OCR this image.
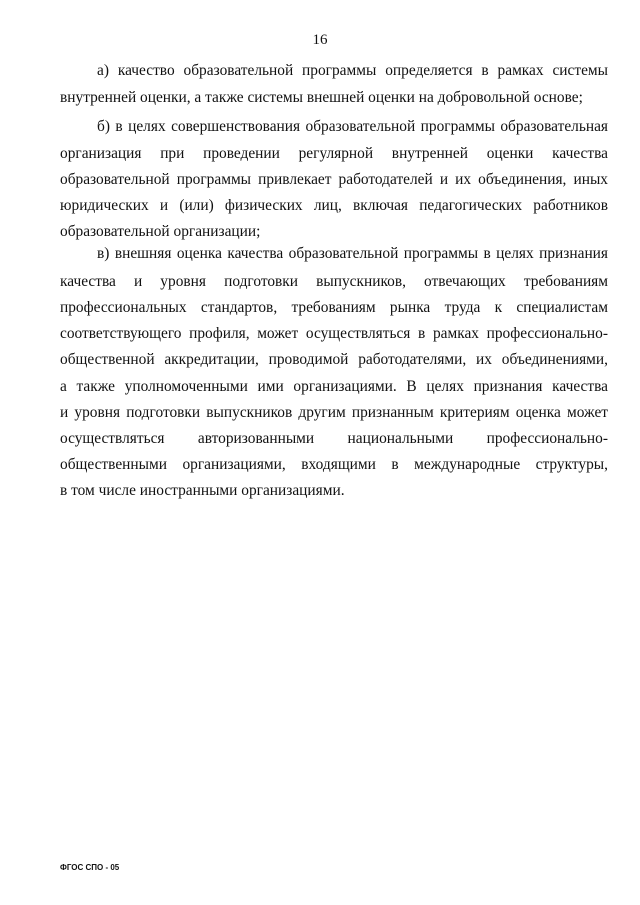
16
а) качество образовательной программы определяется в рамках системы
внутренней оценки, а также системы внешней оценки на добровольной основе;
б) в целях совершенствования образовательной программы образовательная
организация при проведении регулярной внутренней оценки качества
образовательной программы привлекает работодателей и их объединения, иных
юридических и (или) физических лиц, включая педагогических работников
образовательной организации;
в) внешняя оценка качества образовательной программы в целях признания
качества и уровня подготовки выпускников, отвечающих требованиям
профессиональных стандартов, требованиям рынка труда к специалистам
соответствующего профиля, может осуществляться в рамках профессионально-
общественной аккредитации, проводимой работодателями, их объединениями,
а также уполномоченными ими организациями. В целях признания качества
и уровня подготовки выпускников другим признанным критериям оценка может
осуществляться авторизованными национальными профессионально-
общественными организациями, входящими в международные структуры,
в том числе иностранными организациями.
ФГОС СПО - 05
